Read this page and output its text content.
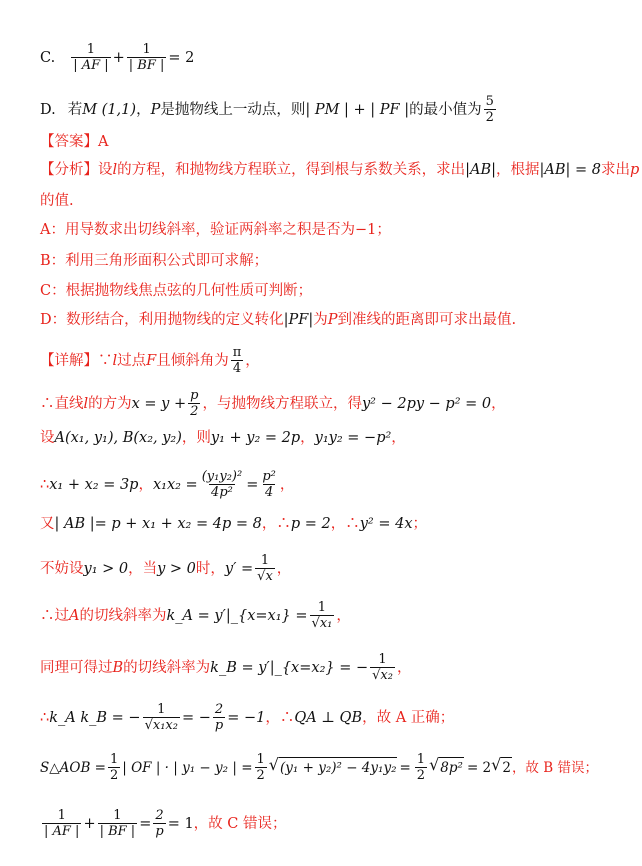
C. $\frac{1}{| AF |} + \frac{1}{| BF |} = 2$
D. 若 M (1,1) ， P 是抛物线上一动点，则 | PM | + | PF | 的最小值为 $\frac{5}{2}$
【答案】A
【分析】设 l 的方程，和抛物线方程联立，得到根与系数关系，求出 |AB| ，根据 |AB| = 8 求出 p
的值.
A：用导数求出切线斜率，验证两斜率之积是否为−1；
B：利用三角形面积公式即可求解；
C：根据抛物线焦点弦的几何性质可判断；
D：数形结合，利用抛物线的定义转化 |PF| 为 P 到准线的距离即可求出最值.
【详解】∵ l 过点 F 且倾斜角为 $\frac{\pi}{4}$ ，
∴直线 l 的方为 $x = y + \frac{p}{2}$ ，与抛物线方程联立，得 y² − 2py − p² = 0 ，
设 A(x₁, y₁), B(x₂, y₂) ，则 y₁ + y₂ = 2p ， y₁y₂ = −p² ，
∴ x₁ + x₂ = 3p ， $x_1x_2 = \frac{\text{(y₁y₂)²}}{\text{4p²}} = \frac{\text{p²}}{4}$ ，
又 | AB |= p + x₁ + x₂ = 4p = 8 ，∴ p = 2 ，∴ y² = 4x ；
不妨设 y₁ > 0 ，当 y > 0 时， $y' = \frac{1}{√x}$ ，
∴过 A 的切线斜率为 k_A = y′|_{x=x₁} = $\frac{1}{\text{√x₁}}$ ，
同理可得过 B 的切线斜率为 k_B = y′|_{x=x₂} = − $\frac{1}{\text{√x₂}}$ ，
∴ k_A k_B = − $\frac{1}{\text{√x₁x₂}}$ = − $\frac{2}{p} = -1$ ，∴ QA ⊥ QB ，故 A 正确；
S△AOB = $\frac{1}{2}$ | OF | · | y₁ − y₂ | = $\frac{1}{2}$ √ $(y_1 + y_2)^2 - 4y_1y_2 = \frac{1}{2}$ √ 8p² = 2 √ 2 ，故 B 错误；
$\frac{1}{| AF |} + \frac{1}{| BF |} = \frac{2}{p} = 1$ ，故 C 错误；
